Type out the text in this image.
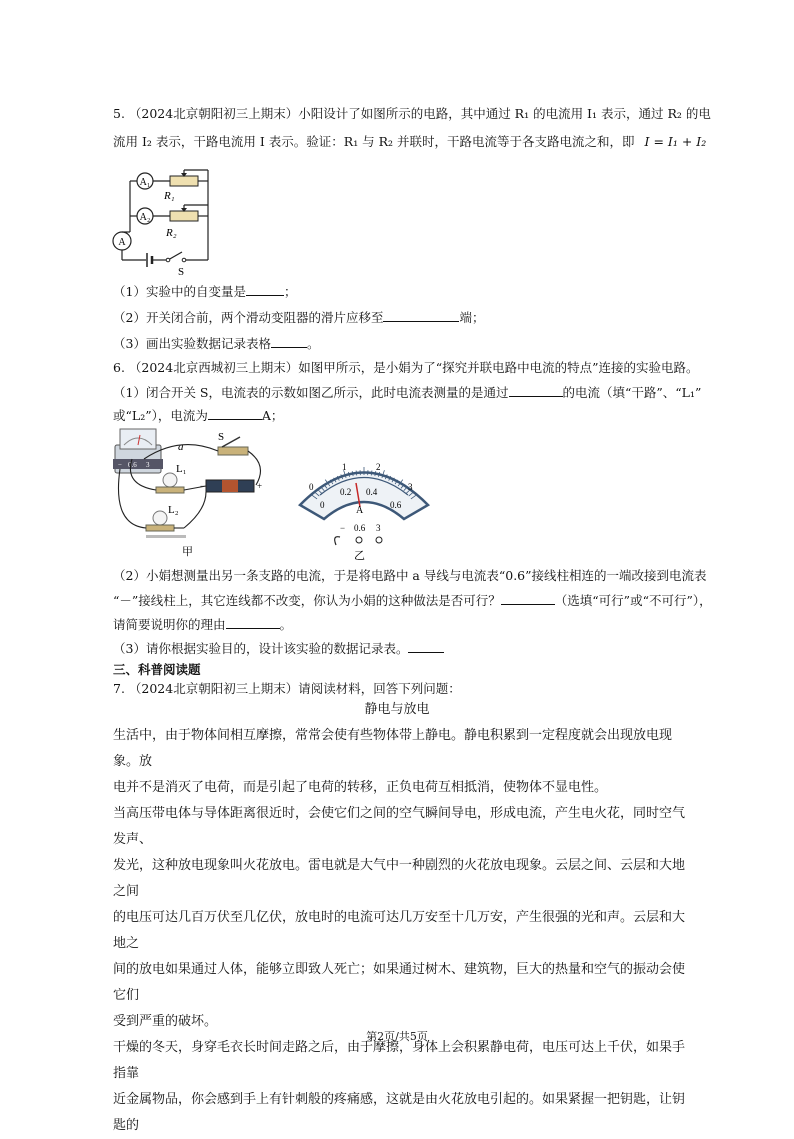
5. （2024北京朝阳初三上期末）小阳设计了如图所示的电路，其中通过 R₁ 的电流用 I₁ 表示，通过 R₂ 的电
流用 I₂ 表示，干路电流用 I 表示。验证：R₁ 与 R₂ 并联时，干路电流等于各支路电流之和，即 I = I₁ + I₂
A₁
A₂
A
R₁
R₂
S
（1）实验中的自变量是	；
（2）开关闭合前，两个滑动变阻器的滑片应移至	端；
（3）画出实验数据记录表格	。
6. （2024北京西城初三上期末）如图甲所示，是小娟为了“探究并联电路中电流的特点”连接的实验电路。
（1）闭合开关 S，电流表的示数如图乙所示，此时电流表测量的是通过	的电流（填“干路”、“L₁”
或“L₂”），电流为	A；
− 0.6 3
S
−	+
L₁
L₂
a
甲
0
1	2
3
0
0.2 0.4
0.6
A
− 0.6 3
乙
（2）小娟想测量出另一条支路的电流，于是将电路中 a 导线与电流表“0.6”接线柱相连的一端改接到电流表
“－”接线柱上，其它连线都不改变，你认为小娟的这种做法是否可行？	（选填“可行”或“不可行”），
请简要说明你的理由	。
（3）请你根据实验目的，设计该实验的数据记录表。
三、科普阅读题
7. （2024北京朝阳初三上期末）请阅读材料，回答下列问题：
静电与放电
生活中，由于物体间相互摩擦，常常会使有些物体带上静电。静电积累到一定程度就会出现放电现象。放
电并不是消灭了电荷，而是引起了电荷的转移，正负电荷互相抵消，使物体不显电性。
当高压带电体与导体距离很近时，会使它们之间的空气瞬间导电，形成电流，产生电火花，同时空气发声、
发光，这种放电现象叫火花放电。雷电就是大气中一种剧烈的火花放电现象。云层之间、云层和大地之间
的电压可达几百万伏至几亿伏，放电时的电流可达几万安至十几万安，产生很强的光和声。云层和大地之
间的放电如果通过人体，能够立即致人死亡；如果通过树木、建筑物，巨大的热量和空气的振动会使它们
受到严重的破坏。
干燥的冬天，身穿毛衣长时间走路之后，由于摩擦，身体上会积累静电荷，电压可达上千伏，如果手指靠
近金属物品，你会感到手上有针刺般的疼痛感，这就是由火花放电引起的。如果紧握一把钥匙，让钥匙的
第2页/共5页
